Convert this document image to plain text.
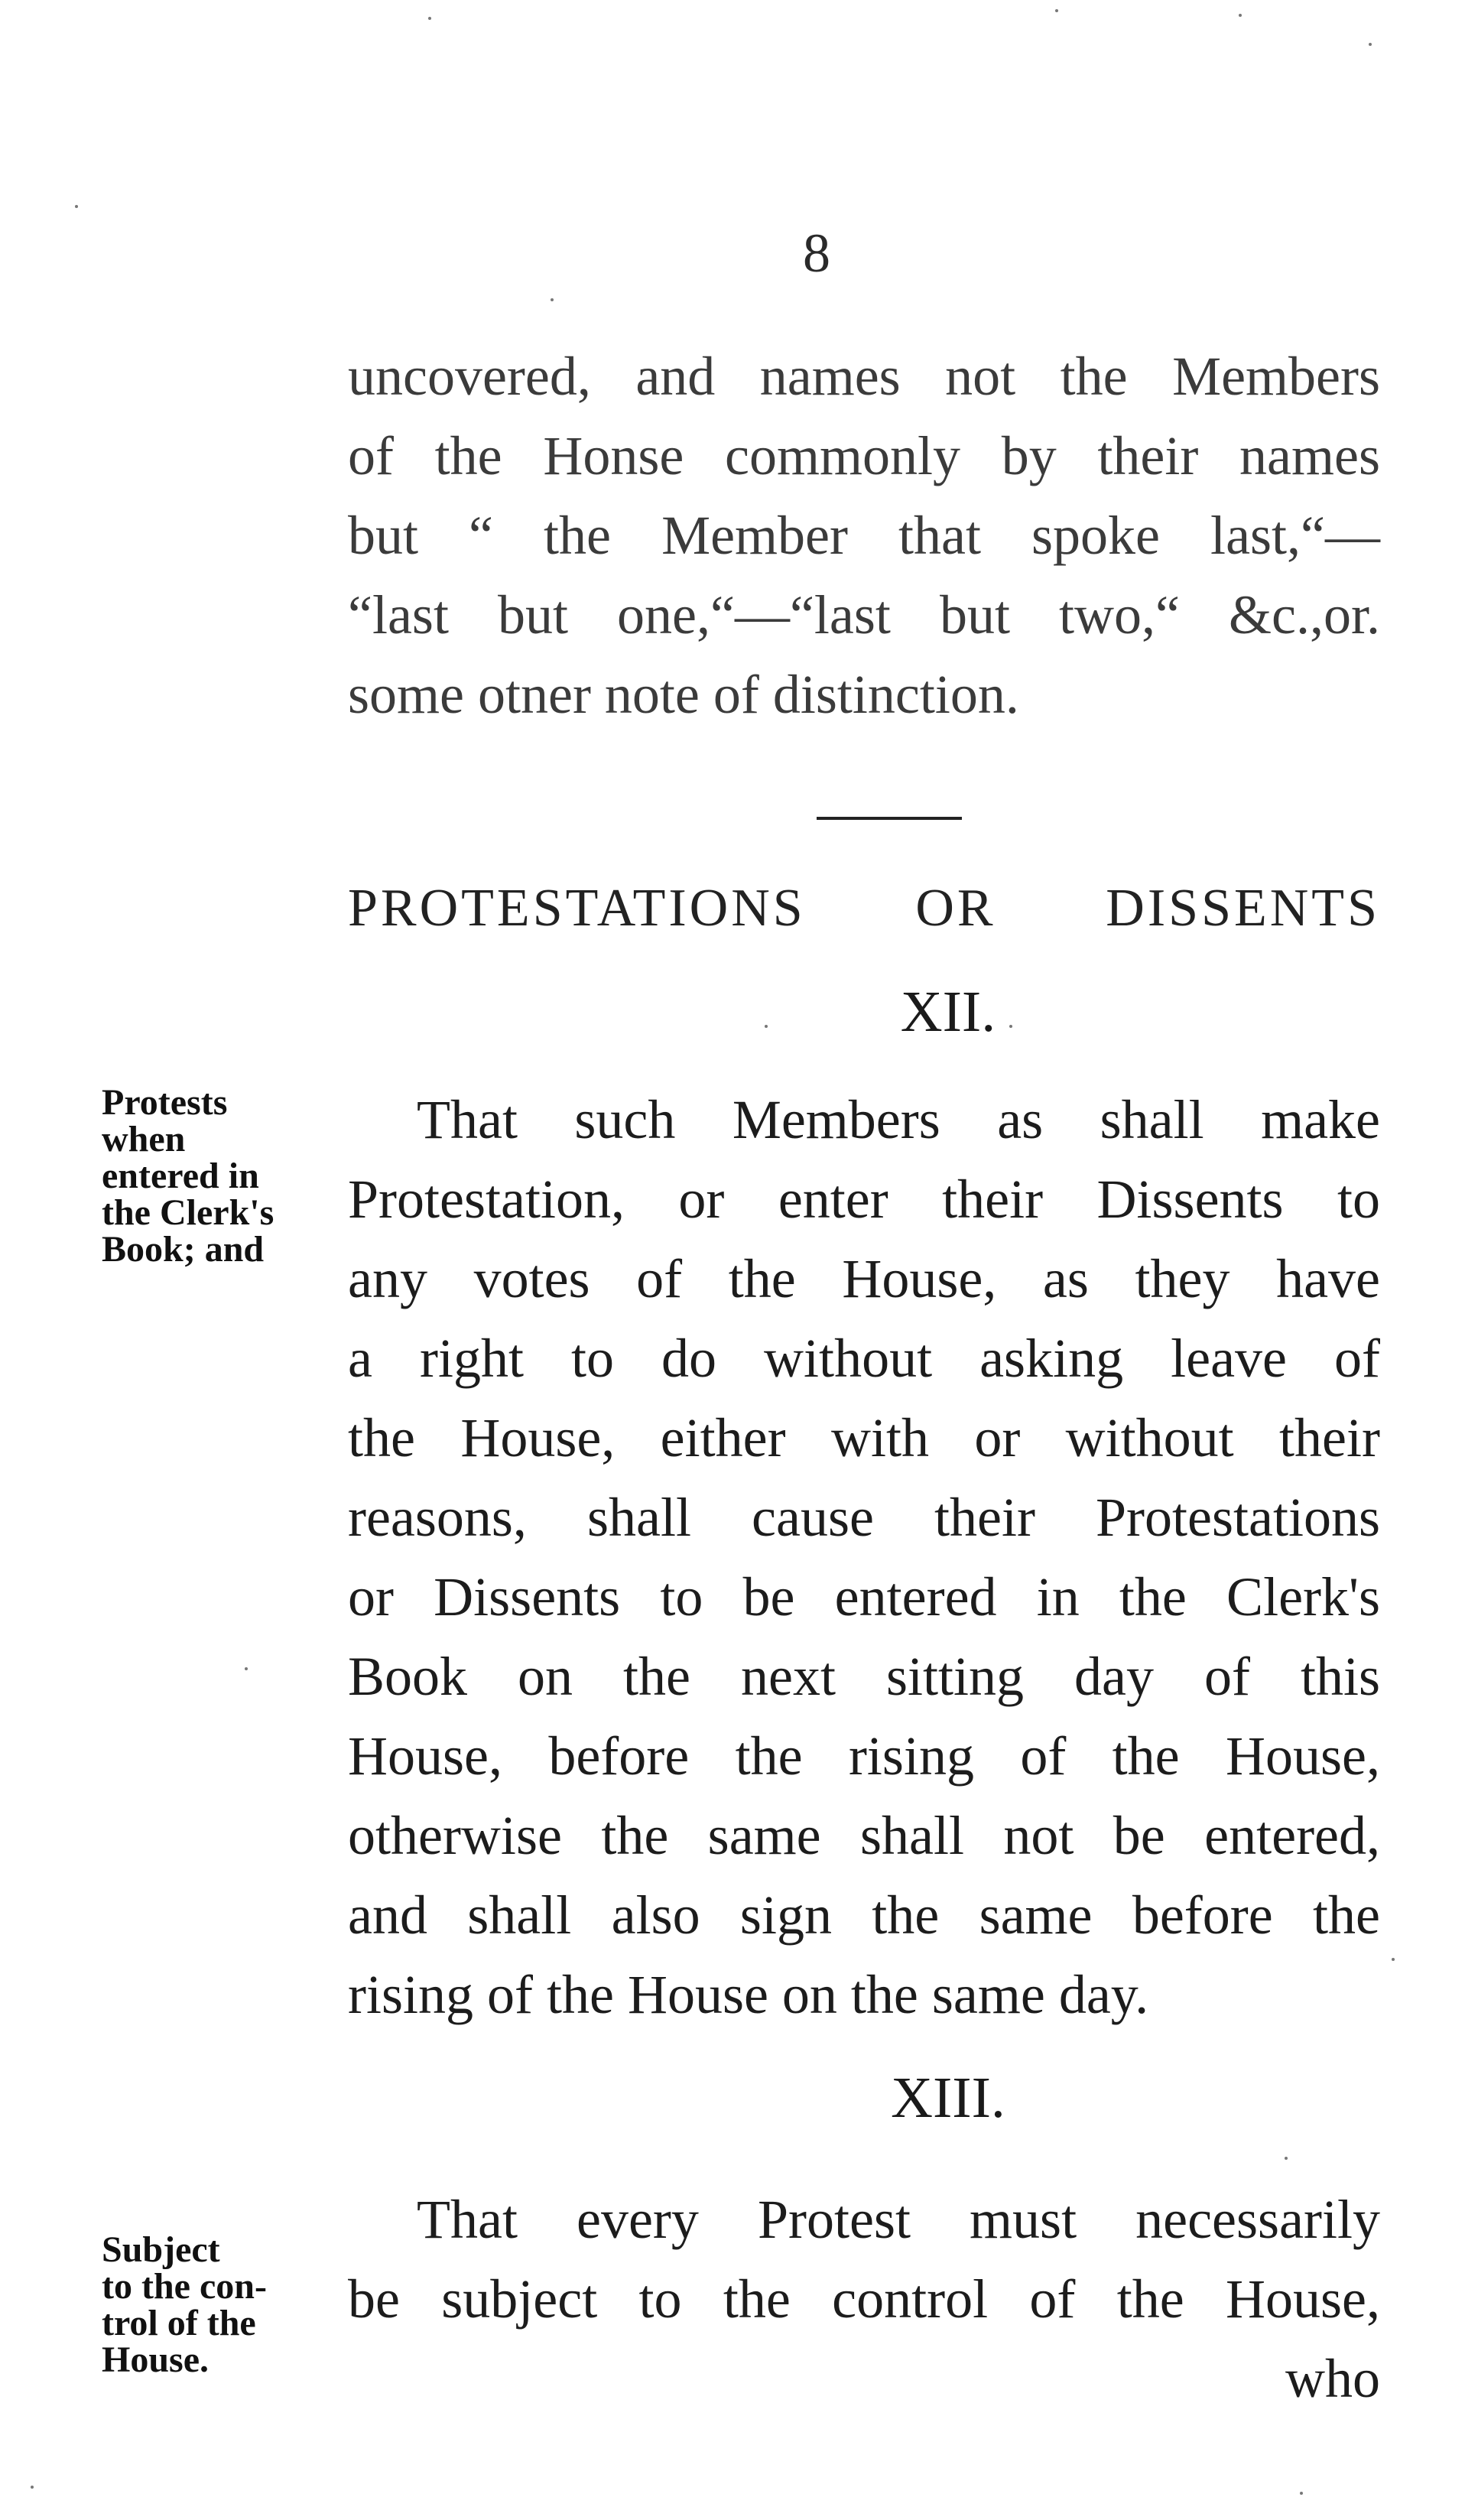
8
uncovered, and names not the Members
of the Honse commonly by their names
but “ the Member that spoke last,“—
“last but one,“—“last but two,“ &c.,or.
some otner note of distinction.
PROTESTATIONS OR DISSENTS
XII.
Protests
when
entered in
the Clerk's
Book; and
That such Members as shall make
Protestation, or enter their Dissents to
any votes of the House, as they have
a right to do without asking leave of
the House, either with or without their
reasons, shall cause their Protestations
or Dissents to be entered in the Clerk's
Book on the next sitting day of this
House, before the rising of the House,
otherwise the same shall not be entered,
and shall also sign the same before the
rising of the House on the same day.
XIII.
Subject
to the con-
trol of the
House.
That every Protest must necessarily
be subject to the control of the House,
who
